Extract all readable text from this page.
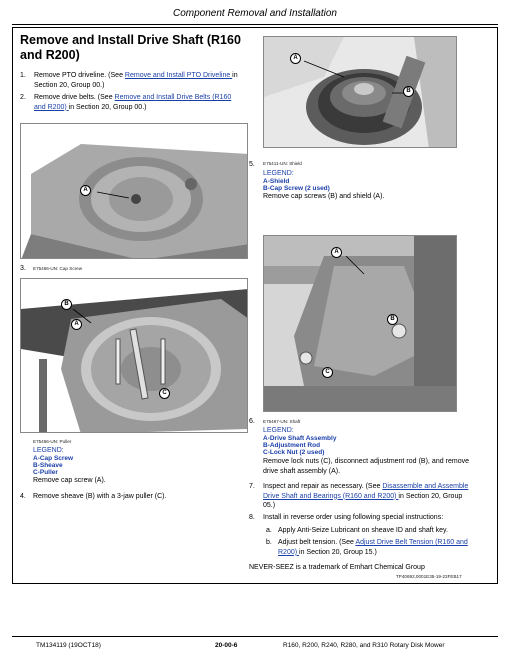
Component Removal and Installation
Remove and Install Drive Shaft (R160 and R200)
1. Remove PTO driveline. (See Remove and Install PTO Driveline in Section 20, Group 00.)
2. Remove drive belts. (See Remove and Install Drive Belts (R160 and R200) in Section 20, Group 00.)
A
B
A
5. E75411-UN: Shield
LEGEND:
A-Shield
B-Cap Screw (2 used)
Remove cap screws (B) and shield (A).
A
B
C
3. E75466-UN: Cap Screw
B
A
C
E75466-UN: Puller
LEGEND:
A-Cap Screw
B-Sheave
C-Puller
Remove cap screw (A).
4. Remove sheave (B) with a 3-jaw puller (C).
6. E75467-UN: Shaft
LEGEND:
A-Drive Shaft Assembly
B-Adjustment Rod
C-Lock Nut (2 used)
Remove lock nuts (C), disconnect adjustment rod (B), and remove drive shaft assembly (A).
7. Inspect and repair as necessary. (See Disassemble and Assemble Drive Shaft and Bearings (R160 and R200) in Section 20, Group 05.)
8. Install in reverse order using following special instructions:
a. Apply Anti-Seize Lubricant on sheave ID and shaft key.
b. Adjust belt tension. (See Adjust Drive Belt Tension (R160 and R200) in Section 20, Group 15.)
NEVER-SEEZ is a trademark of Emhart Chemical Group
TP40692,0001E35-19-23FEB17
TM134119 (19OCT18)	20-00-6	R160, R200, R240, R280, and R310 Rotary Disk Mower
